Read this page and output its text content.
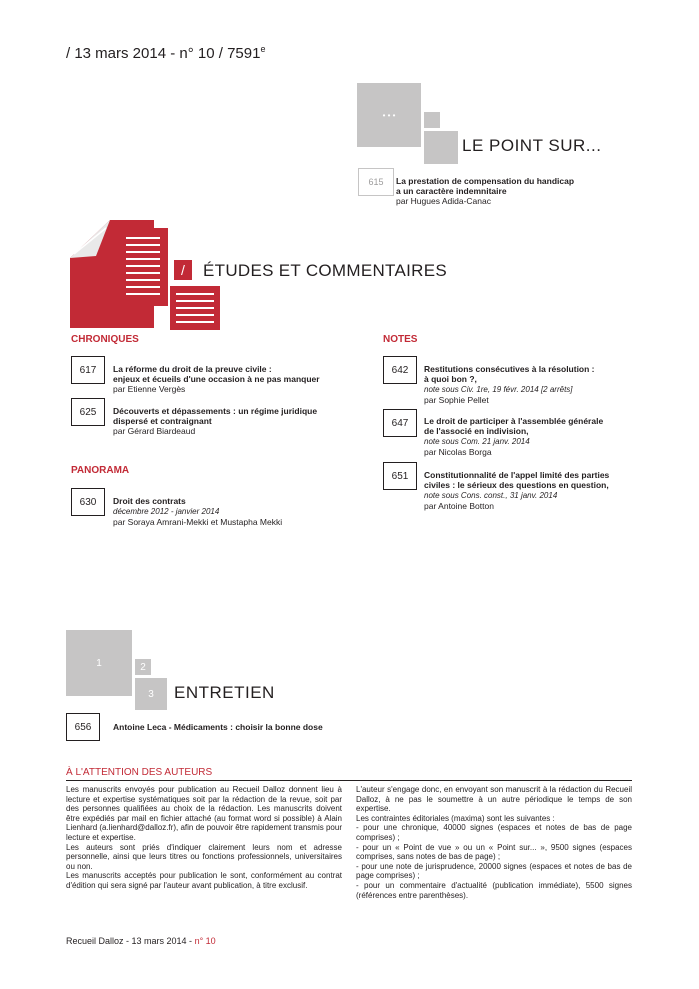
/ 13 mars 2014 - n° 10 / 7591e
• • •
LE POINT SUR...
615	La prestation de compensation du handicap
a un caractère indemnitaire
par Hugues Adida-Canac
/	ÉTUDES ET COMMENTAIRES
CHRONIQUES
617	La réforme du droit de la preuve civile :
enjeux et écueils d'une occasion à ne pas manquer
par Etienne Vergès
625	Découverts et dépassements : un régime juridique
dispersé et contraignant
par Gérard Biardeaud
PANORAMA
630	Droit des contrats
décembre 2012 - janvier 2014
par Soraya Amrani-Mekki et Mustapha Mekki
NOTES
642	Restitutions consécutives à la résolution :
à quoi bon ?,
note sous Civ. 1re, 19 févr. 2014 [2 arrêts]
par Sophie Pellet
647	Le droit de participer à l'assemblée générale
de l'associé en indivision,
note sous Com. 21 janv. 2014
par Nicolas Borga
651	Constitutionnalité de l'appel limité des parties
civiles : le sérieux des questions en question,
note sous Cons. const., 31 janv. 2014
par Antoine Botton
1	2
3	ENTRETIEN
656	Antoine Leca - Médicaments : choisir la bonne dose
À L'ATTENTION DES AUTEURS

Les manuscrits envoyés pour publication au Recueil Dalloz donnent lieu à lecture et expertise systématiques soit par la rédaction de la revue, soit par des personnes qualifiées au choix de la rédaction. Les manuscrits doivent être expédiés par mail en fichier attaché (au format word si possible) à Alain Lienhard (a.lienhard@dalloz.fr), afin de pouvoir être rapidement transmis pour lecture et expertise.

Les auteurs sont priés d'indiquer clairement leurs nom et adresse personnelle, ainsi que leurs titres ou fonctions professionnels, universitaires ou non.

Les manuscrits acceptés pour publication le sont, conformément au contrat d'édition qui sera signé par l'auteur avant publication, à titre exclusif.

L'auteur s'engage donc, en envoyant son manuscrit à la rédaction du Recueil Dalloz, à ne pas le soumettre à un autre périodique le temps de son expertise.

Les contraintes éditoriales (maxima) sont les suivantes :

- pour une chronique, 40000 signes (espaces et notes de bas de page comprises) ;

- pour un « Point de vue » ou un « Point sur... », 9500 signes (espaces comprises, sans notes de bas de page) ;

- pour une note de jurisprudence, 20000 signes (espaces et notes de bas de page comprises) ;

- pour un commentaire d'actualité (publication immédiate), 5500 signes (références entre parenthèses).

Recueil Dalloz - 13 mars 2014 - n° 10
